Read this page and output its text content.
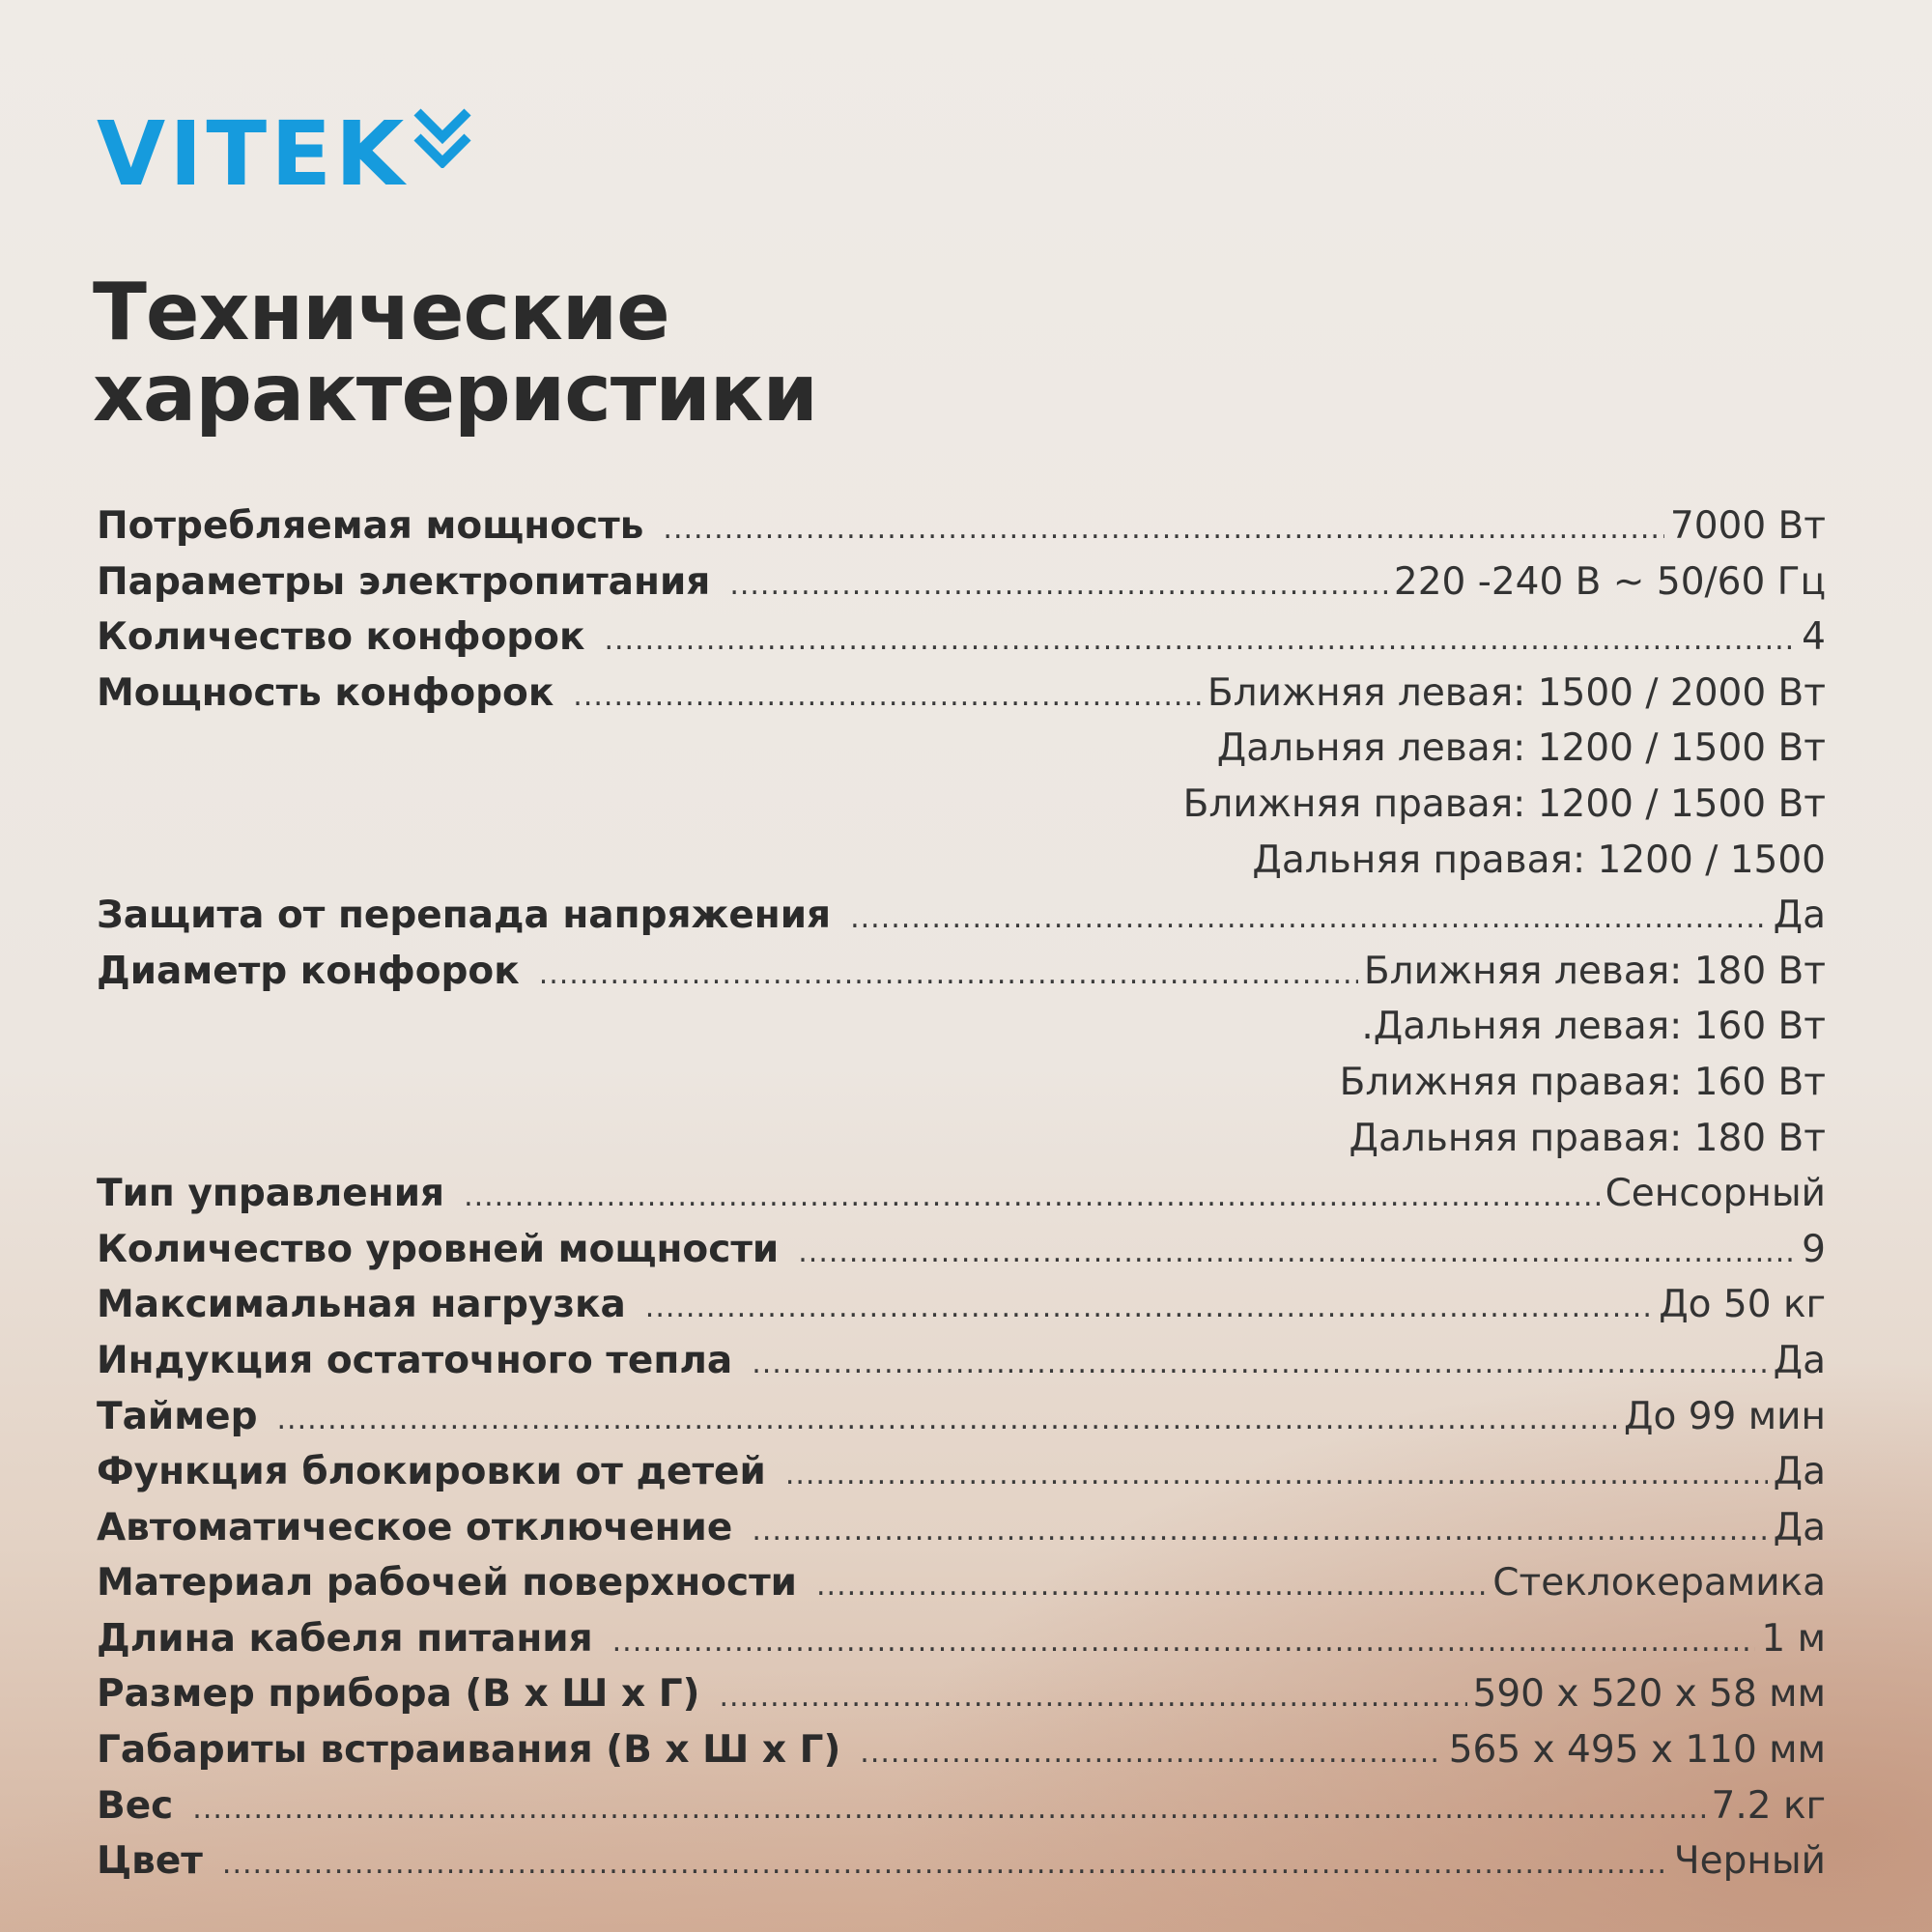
VITEK
Технические
характеристики
Потребляемая мощность .....	7000 Вт
Параметры электропитания .....	220 -240 В ~ 50/60 Гц
Количество конфорок .....	4
Мощность конфорок .....	Ближняя левая: 1500 / 2000 Вт
Дальняя левая: 1200 / 1500 Вт
Ближняя правая: 1200 / 1500 Вт
Дальняя правая: 1200 / 1500
Защита от перепада напряжения .....	Да
Диаметр конфорок .....	Ближняя левая: 180 Вт
.Дальняя левая: 160 Вт
Ближняя правая: 160 Вт
Дальняя правая: 180 Вт
Тип управления .....	Сенсорный
Количество уровней мощности .....	9
Максимальная нагрузка .....	До 50 кг
Индукция остаточного тепла .....	Да
Таймер .....	До 99 мин
Функция блокировки от детей .....	Да
Автоматическое отключение .....	Да
Материал рабочей поверхности .....	Стеклокерамика
Длина кабеля питания .....	1 м
Размер прибора (В х Ш х Г) .....	590 х 520 х 58 мм
Габариты встраивания (В х Ш х Г) .....	565 х 495 х 110 мм
Вес .....	7.2 кг
Цвет .....	Черный
